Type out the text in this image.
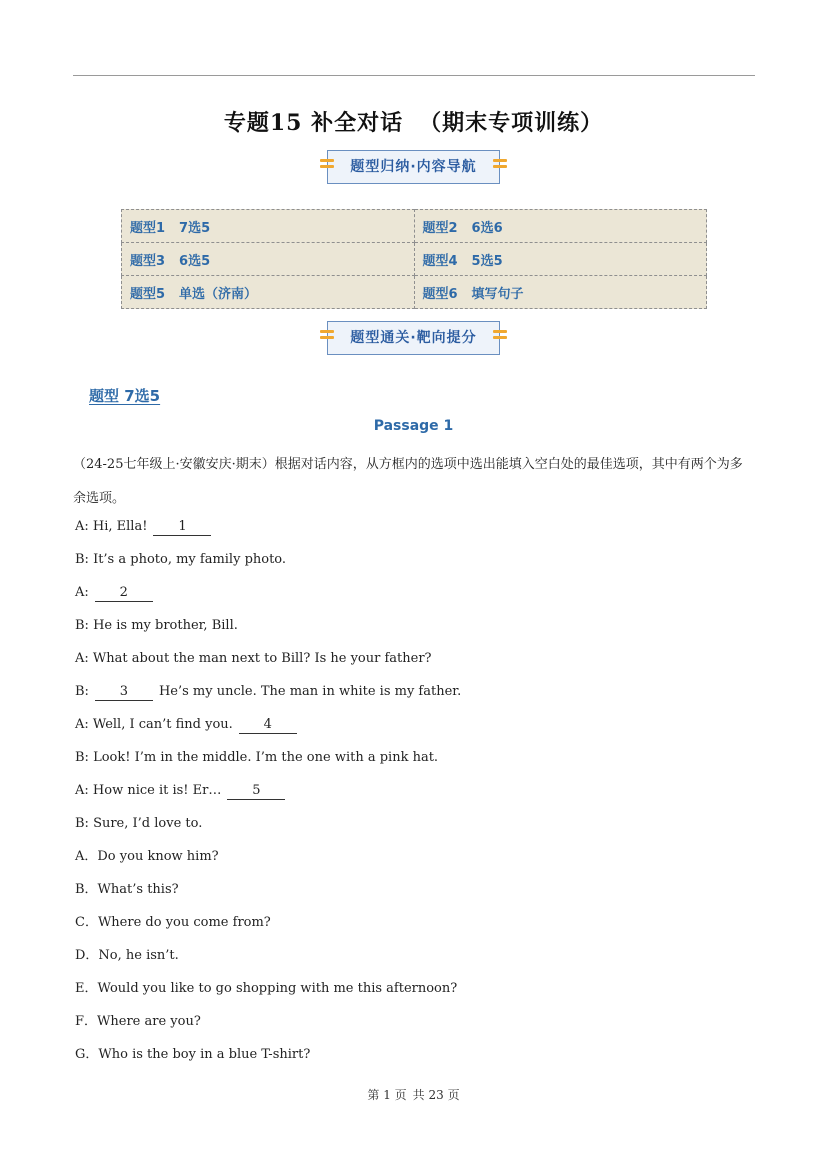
专题15 补全对话 （期末专项训练）
题型归纳·内容导航
题型1 7选5	题型2 6选6
题型3 6选5	题型4 5选5
题型5 单选（济南）	题型6 填写句子
题型通关·靶向提分
题型 7选5
Passage 1
（24-25七年级上·安徽安庆·期末）根据对话内容，从方框内的选项中选出能填入空白处的最佳选项，其中有两个为多余选项。
A: Hi, Ella! 1
B: It’s a photo, my family photo.
A: 2
B: He is my brother, Bill.
A: What about the man next to Bill? Is he your father?
B: 3 He’s my uncle. The man in white is my father.
A: Well, I can’t find you. 4
B: Look! I’m in the middle. I’m the one with a pink hat.
A: How nice it is! Er… 5
B: Sure, I’d love to.
A．Do you know him?
B．What’s this?
C．Where do you come from?
D．No, he isn’t.
E．Would you like to go shopping with me this afternoon?
F．Where are you?
G．Who is the boy in a blue T-shirt?
第 1 页 共 23 页
